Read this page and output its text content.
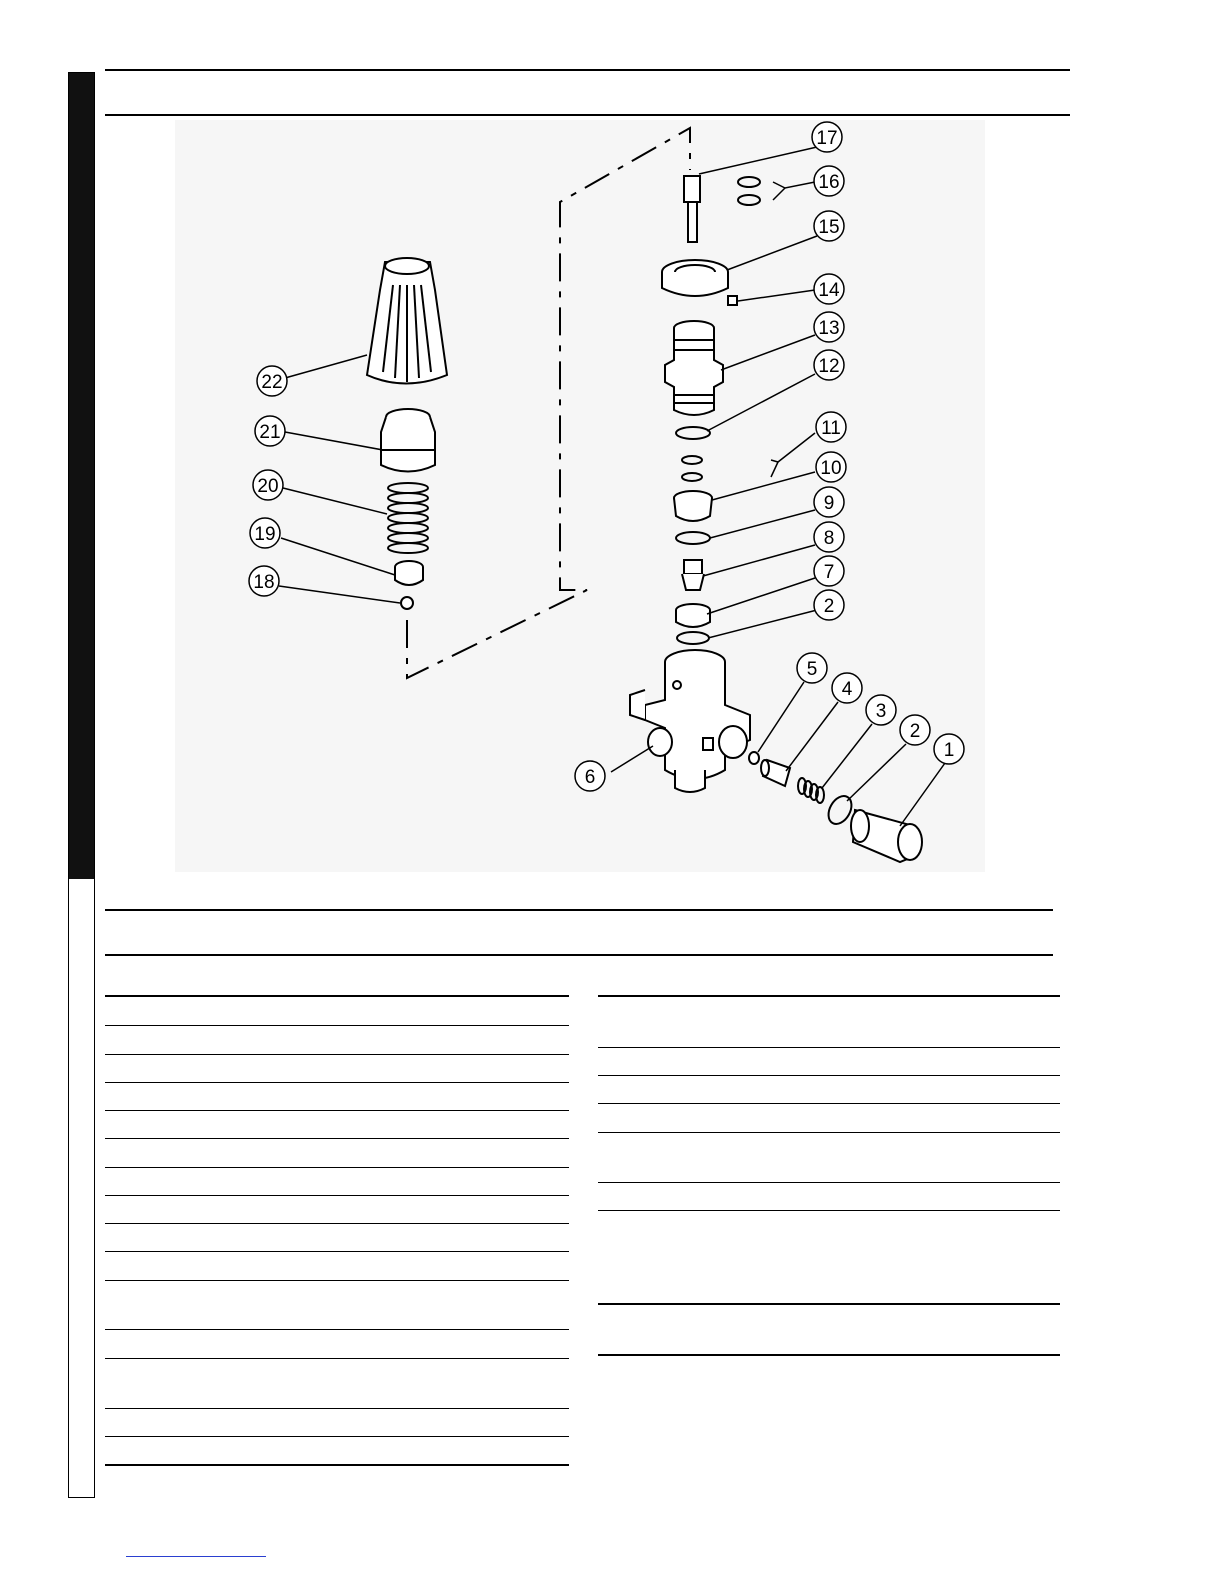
17
16
15
14
13
12
11
10
9
8
7
2
5
4
3
2
1
6
22
21
20
19
18
